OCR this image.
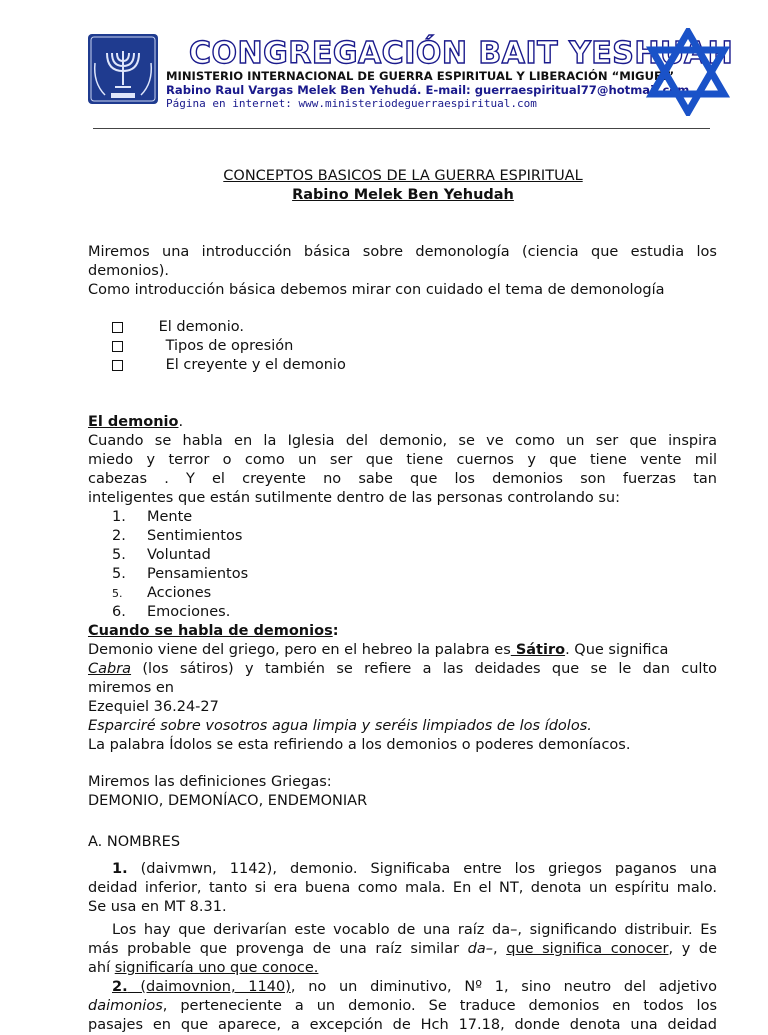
CONGREGACIÓN BAIT YESHUAH
MINISTERIO INTERNACIONAL DE GUERRA ESPIRITUAL Y LIBERACIÓN “MIGUEL”
Rabino Raul Vargas Melek Ben Yehudá. E-mail: guerraespiritual77@hotmail.com
Página en internet: www.ministeriodeguerraespiritual.com
CONCEPTOS BASICOS DE LA GUERRA ESPIRITUAL
Rabino Melek Ben Yehudah
Miremos una introducción básica sobre demonología (ciencia que estudia los
demonios).
Como introducción básica debemos mirar con cuidado el tema de demonología
El demonio.
Tipos de opresión
El creyente y el demonio
El demonio.
Cuando se habla en la Iglesia del demonio, se ve como un ser que inspira
miedo y terror o como un ser que tiene cuernos y que tiene vente mil
cabezas . Y el creyente no sabe que los demonios son fuerzas tan
inteligentes que están sutilmente dentro de las personas controlando su:
1. Mente
2. Sentimientos
5. Voluntad
5. Pensamientos
5. Acciones
6. Emociones.
Cuando se habla de demonios:
Demonio viene del griego, pero en el hebreo la palabra es Sátiro. Que significa
Cabra (los sátiros) y también se refiere a las deidades que se le dan culto
miremos en
Ezequiel 36.24-27
Esparciré sobre vosotros agua limpia y seréis limpiados de los ídolos.
La palabra Ídolos se esta refiriendo a los demonios o poderes demoníacos.
Miremos las definiciones Griegas:
DEMONIO, DEMONÍACO, ENDEMONIAR
A. NOMBRES
1. (daivmwn, 1142), demonio. Significaba entre los griegos paganos una
deidad inferior, tanto si era buena como mala. En el NT, denota un espíritu malo.
Se usa en MT 8.31.
Los hay que derivarían este vocablo de una raíz da–, significando distribuir. Es
más probable que provenga de una raíz similar da–, que significa conocer, y de
ahí significaría uno que conoce.
2. (daimovnion, 1140), no un diminutivo, Nº 1, sino neutro del adjetivo
daimonios, perteneciente a un demonio. Se traduce demonios en todos los
pasajes en que aparece, a excepción de Hch 17.18, donde denota una deidad
